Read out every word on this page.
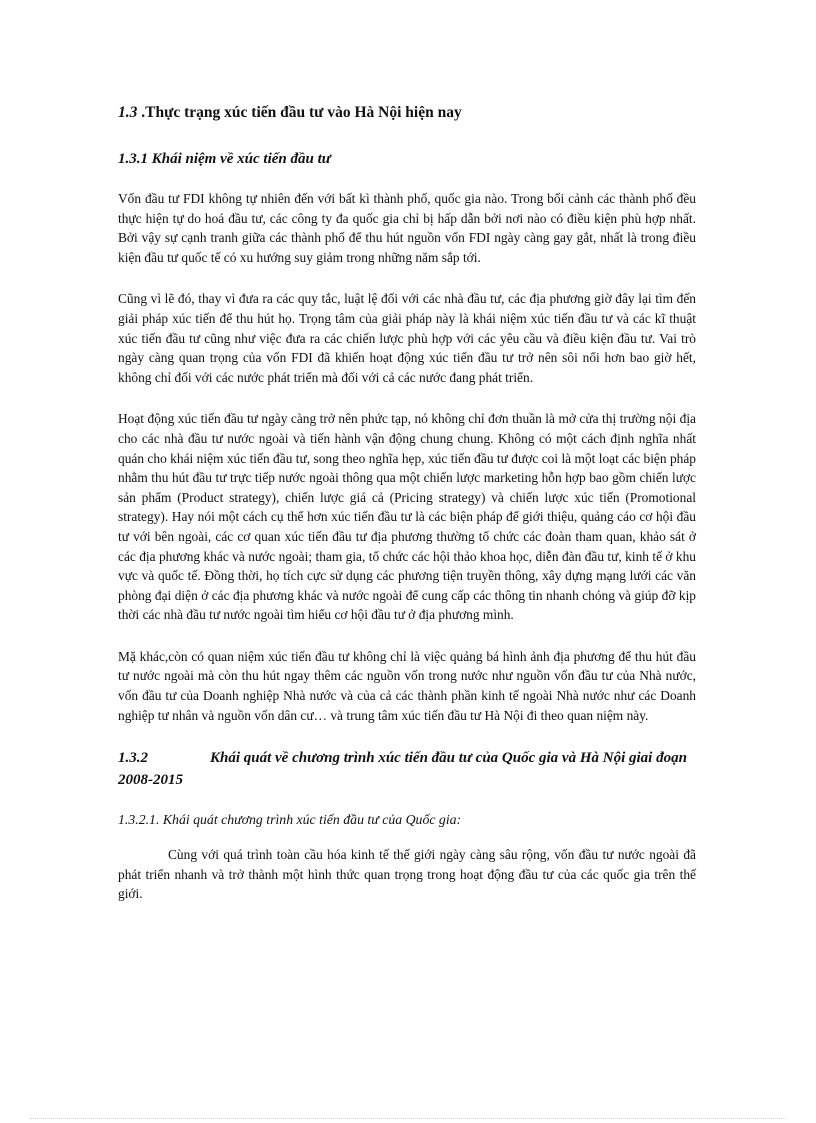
1.3 .Thực trạng xúc tiến đầu tư vào Hà Nội hiện nay
1.3.1 Khái niệm về xúc tiến đầu tư

Vốn đầu tư FDI không tự nhiên đến với bất kì thành phố, quốc gia nào. Trong bối cảnh các thành phố đều thực hiện tự do hoá đầu tư, các công ty đa quốc gia chỉ bị hấp dẫn bởi nơi nào có điều kiện phù hợp nhất. Bởi vậy sự cạnh tranh giữa các thành phố để thu hút nguồn vốn FDI ngày càng gay gắt, nhất là trong điều kiện đầu tư quốc tế có xu hướng suy giảm trong những năm sắp tới.

Cũng vì lẽ đó, thay vì đưa ra các quy tắc, luật lệ đối với các nhà đầu tư, các địa phương giờ đây lại tìm đến giải pháp xúc tiến để thu hút họ. Trọng tâm của giải pháp này là khái niệm xúc tiến đầu tư và các kĩ thuật xúc tiến đầu tư cũng như việc đưa ra các chiến lược phù hợp với các yêu cầu và điều kiện đầu tư. Vai trò ngày càng quan trọng của vốn FDI đã khiến hoạt động xúc tiến đầu tư trở nên sôi nổi hơn bao giờ hết, không chỉ đối với các nước phát triển mà đối với cả các nước đang phát triển.

Hoạt động xúc tiến đầu tư ngày càng trở nên phức tạp, nó không chỉ đơn thuần là mở cửa thị trường nội địa cho các nhà đầu tư nước ngoài và tiến hành vận động chung chung. Không có một cách định nghĩa nhất quán cho khái niệm xúc tiến đầu tư, song theo nghĩa hẹp, xúc tiến đầu tư được coi là một loạt các biện pháp nhằm thu hút đầu tư trực tiếp nước ngoài thông qua một chiến lược marketing hỗn hợp bao gồm chiến lược sản phẩm (Product strategy), chiến lược giá cả (Pricing strategy) và chiến lược xúc tiến (Promotional strategy). Hay nói một cách cụ thể hơn xúc tiến đầu tư là các biện pháp để giới thiệu, quảng cáo cơ hội đầu tư với bên ngoài, các cơ quan xúc tiến đầu tư địa phương thường tổ chức các đoàn tham quan, khảo sát ở các địa phương khác và nước ngoài; tham gia, tổ chức các hội thảo khoa học, diễn đàn đầu tư, kinh tế ở khu vực và quốc tế. Đồng thời, họ tích cực sử dụng các phương tiện truyền thông, xây dựng mạng lưới các văn phòng đại diện ở các địa phương khác và nước ngoài để cung cấp các thông tin nhanh chóng và giúp đỡ kịp thời các nhà đầu tư nước ngoài tìm hiểu cơ hội đầu tư ở địa phương mình.

Mặ khác,còn có quan niệm xúc tiến đầu tư không chỉ là việc quảng bá hình ảnh địa phương để thu hút đầu tư nước ngoài mà còn thu hút ngay thêm các nguồn vốn trong nước như nguồn vốn đầu tư của Nhà nước, vốn đầu tư của Doanh nghiệp Nhà nước và của cả các thành phần kinh tế ngoài Nhà nước như các Doanh nghiệp tư nhân và nguồn vốn dân cư… và trung tâm xúc tiến đầu tư Hà Nội đi theo quan niệm này.

1.3.2	Khái quát về chương trình xúc tiến đầu tư của Quốc gia và Hà Nội giai đoạn 2008-2015
1.3.2.1. Khái quát chương trình xúc tiến đầu tư của Quốc gia:

Cùng với quá trình toàn cầu hóa kinh tế thế giới ngày càng sâu rộng, vốn đầu tư nước ngoài đã phát triển nhanh và trở thành một hình thức quan trọng trong hoạt động đầu tư của các quốc gia trên thế giới.
